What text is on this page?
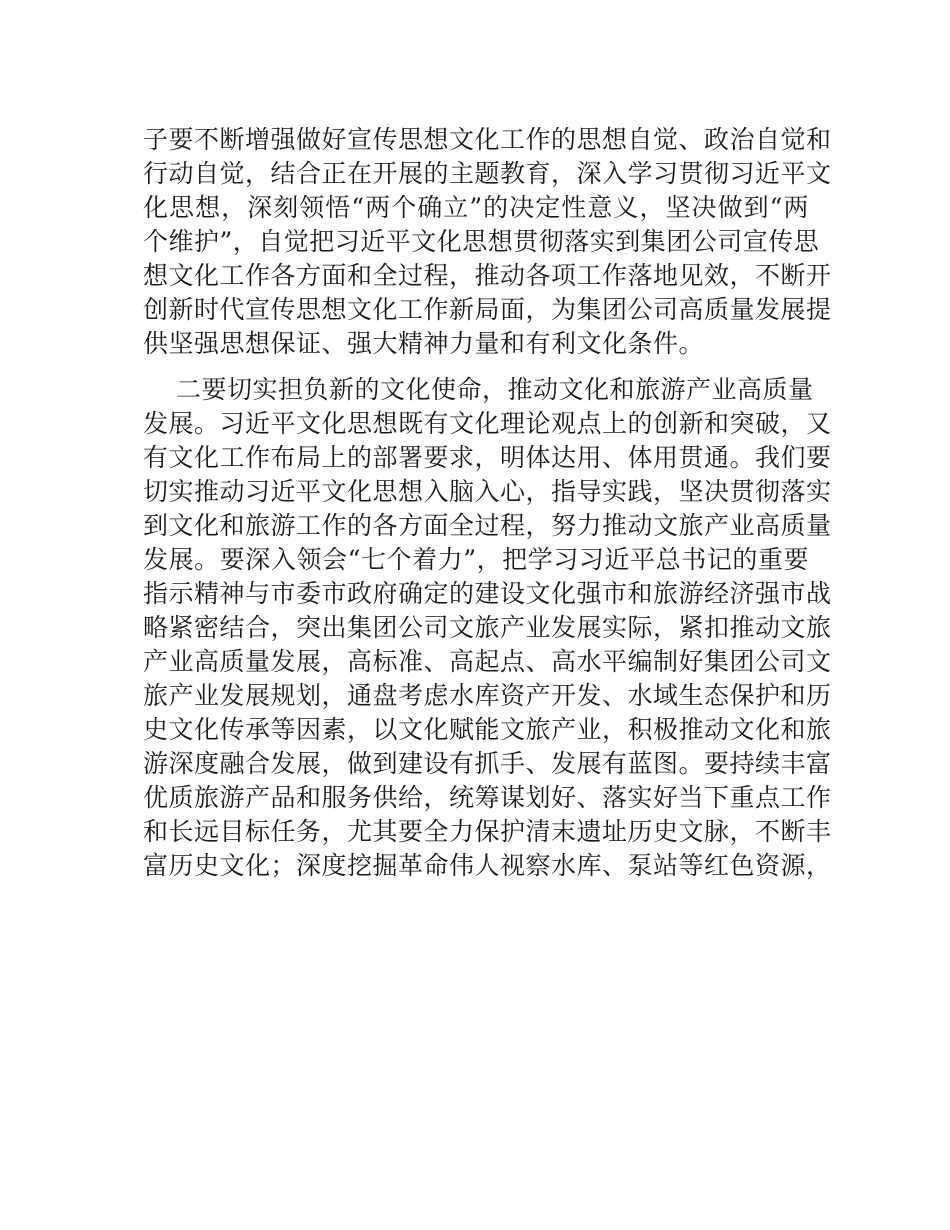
子要不断增强做好宣传思想文化工作的思想自觉、政治自觉和
行动自觉，结合正在开展的主题教育，深入学习贯彻习近平文
化思想，深刻领悟“两个确立”的决定性意义，坚决做到“两
个维护”，自觉把习近平文化思想贯彻落实到集团公司宣传思
想文化工作各方面和全过程，推动各项工作落地见效，不断开
创新时代宣传思想文化工作新局面，为集团公司高质量发展提
供坚强思想保证、强大精神力量和有利文化条件。
二要切实担负新的文化使命，推动文化和旅游产业高质量
发展。习近平文化思想既有文化理论观点上的创新和突破，又
有文化工作布局上的部署要求，明体达用、体用贯通。我们要
切实推动习近平文化思想入脑入心，指导实践，坚决贯彻落实
到文化和旅游工作的各方面全过程，努力推动文旅产业高质量
发展。要深入领会“七个着力”，把学习习近平总书记的重要
指示精神与市委市政府确定的建设文化强市和旅游经济强市战
略紧密结合，突出集团公司文旅产业发展实际，紧扣推动文旅
产业高质量发展，高标准、高起点、高水平编制好集团公司文
旅产业发展规划，通盘考虑水库资产开发、水域生态保护和历
史文化传承等因素，以文化赋能文旅产业，积极推动文化和旅
游深度融合发展，做到建设有抓手、发展有蓝图。要持续丰富
优质旅游产品和服务供给，统筹谋划好、落实好当下重点工作
和长远目标任务，尤其要全力保护清末遗址历史文脉，不断丰
富历史文化；深度挖掘革命伟人视察水库、泵站等红色资源，
